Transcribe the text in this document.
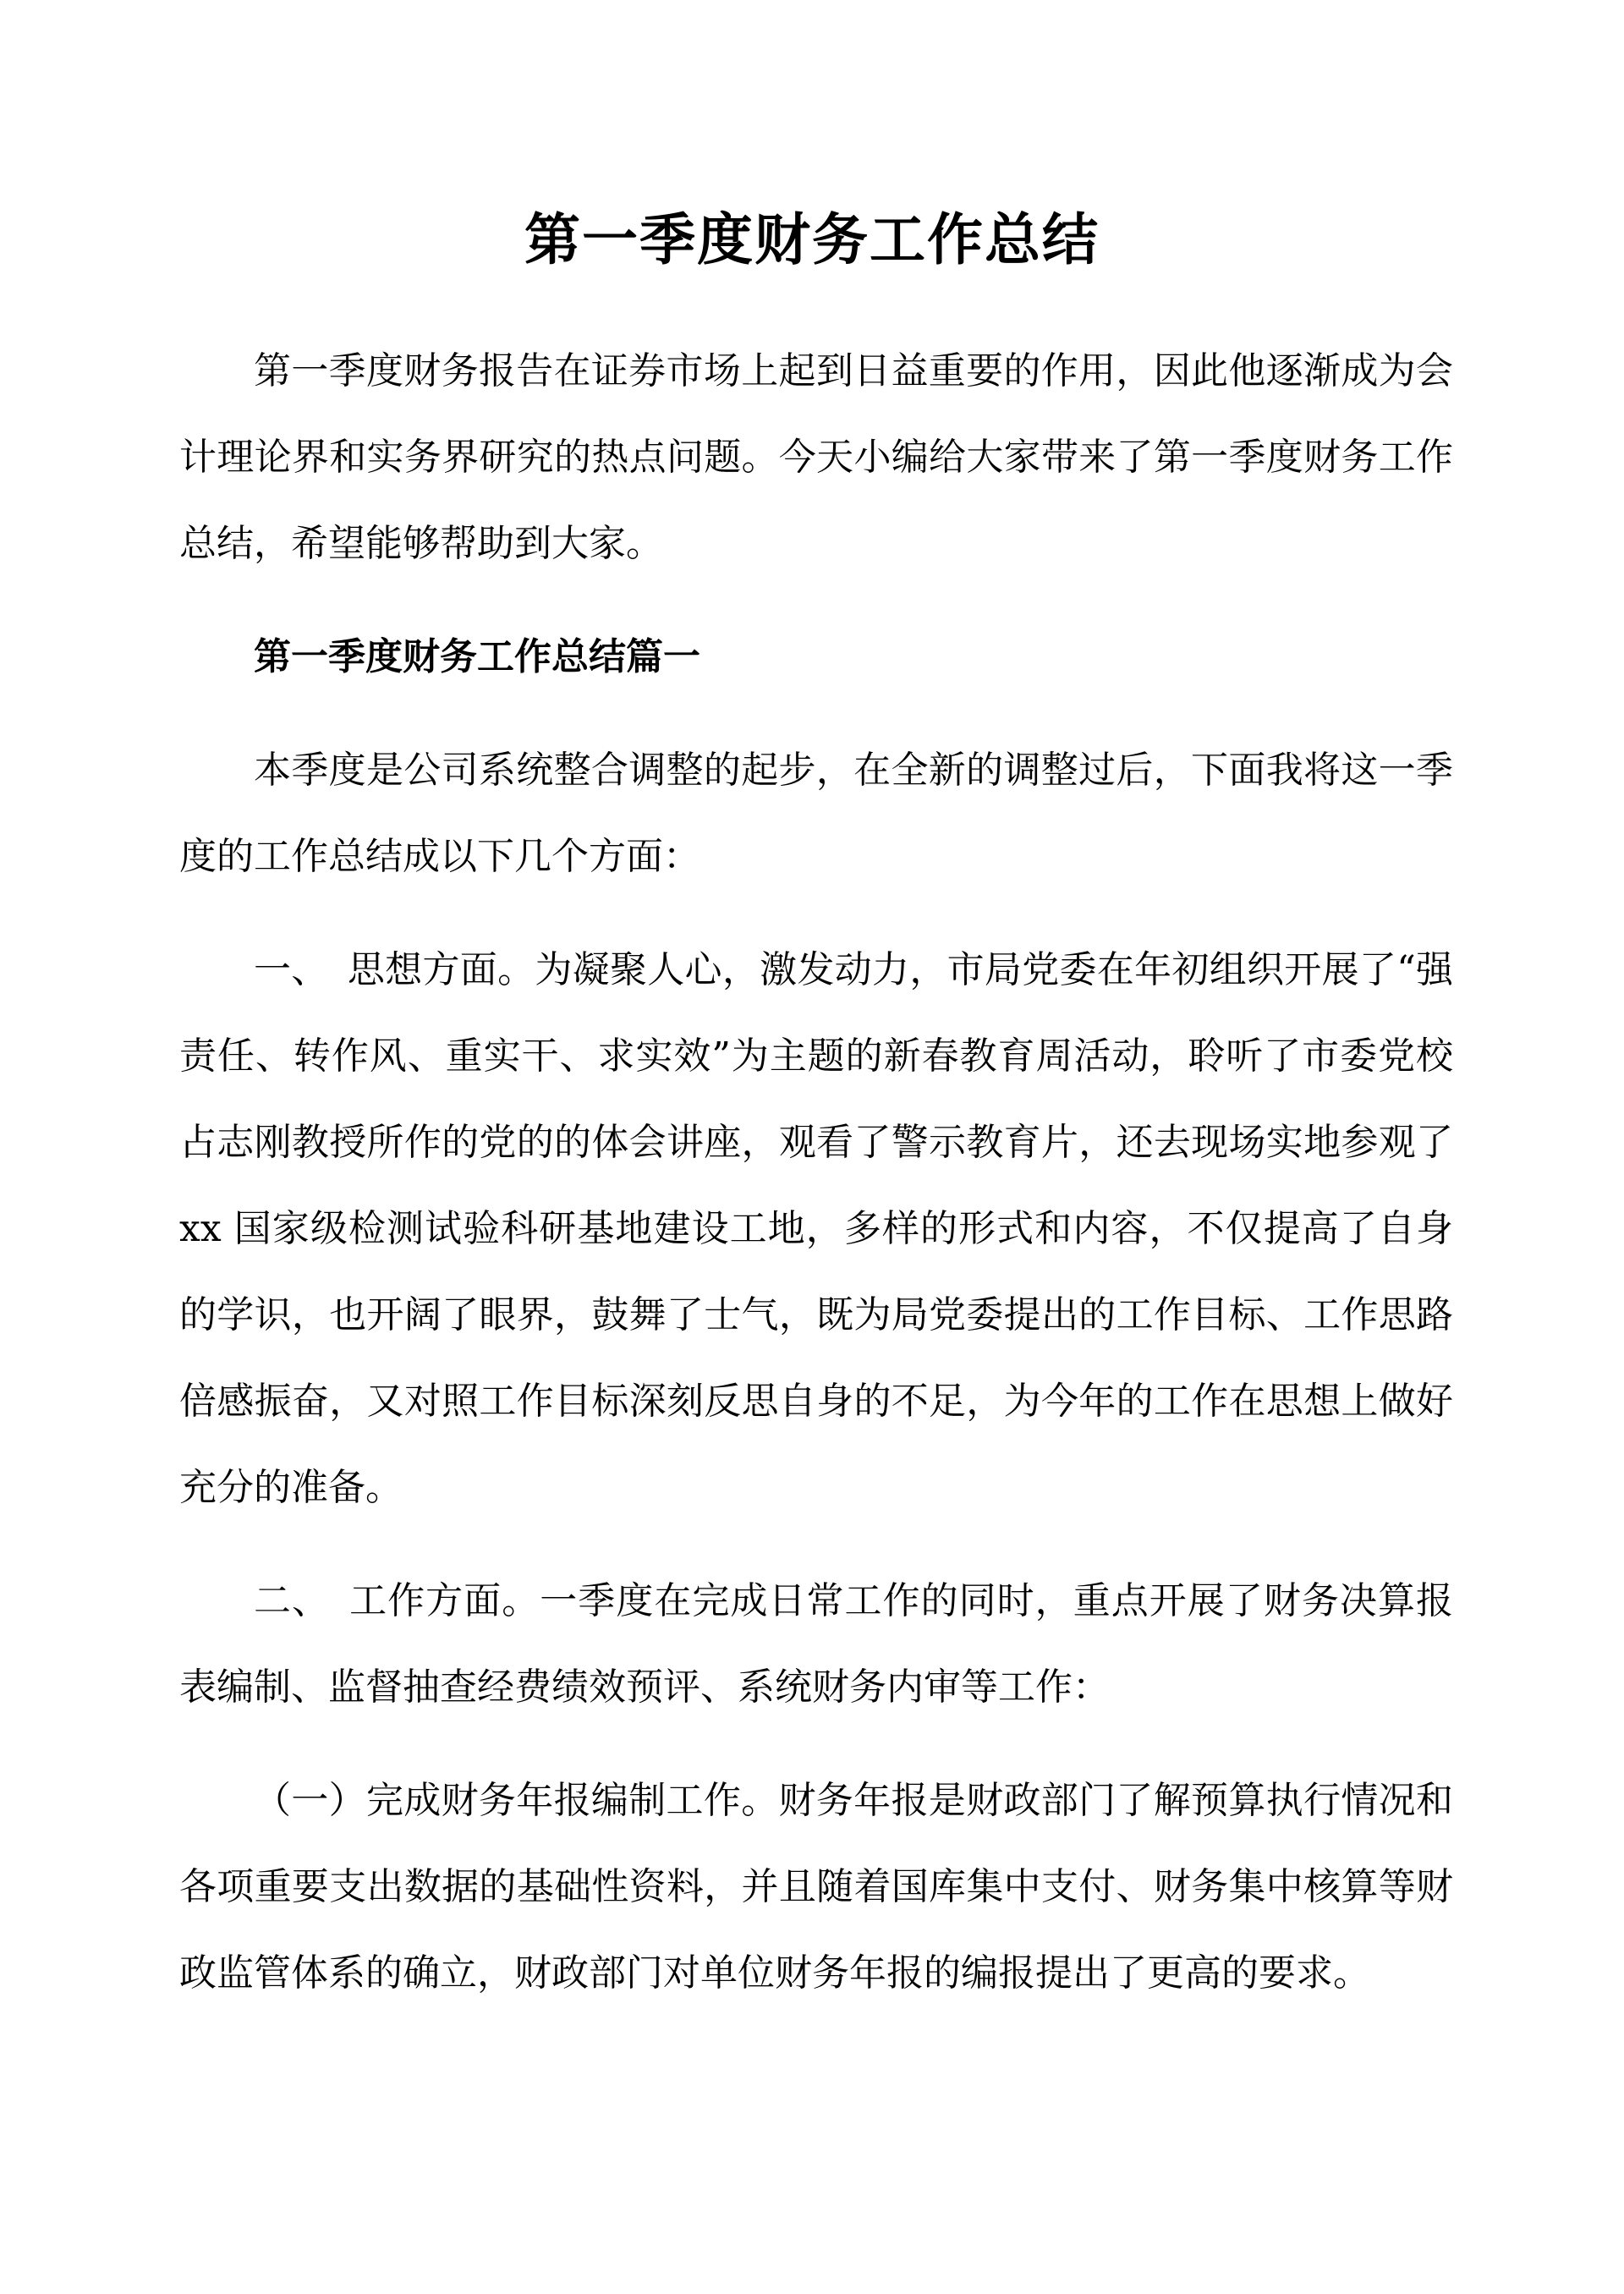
第一季度财务工作总结

第一季度财务报告在证券市场上起到日益重要的作用，因此他逐渐成为会计理论界和实务界研究的热点问题。今天小编给大家带来了第一季度财务工作总结，希望能够帮助到大家。

第一季度财务工作总结篇一

本季度是公司系统整合调整的起步，在全新的调整过后，下面我将这一季度的工作总结成以下几个方面：

一、　思想方面。为凝聚人心，激发动力，市局党委在年初组织开展了“强责任、转作风、重实干、求实效”为主题的新春教育周活动，聆听了市委党校占志刚教授所作的党的的体会讲座，观看了警示教育片，还去现场实地参观了 xx 国家级检测试验科研基地建设工地，多样的形式和内容，不仅提高了自身的学识，也开阔了眼界，鼓舞了士气，既为局党委提出的工作目标、工作思路倍感振奋，又对照工作目标深刻反思自身的不足，为今年的工作在思想上做好充分的准备。

二、　工作方面。一季度在完成日常工作的同时，重点开展了财务决算报表编制、监督抽查经费绩效预评、系统财务内审等工作：

（一）完成财务年报编制工作。财务年报是财政部门了解预算执行情况和各项重要支出数据的基础性资料，并且随着国库集中支付、财务集中核算等财政监管体系的确立，财政部门对单位财务年报的编报提出了更高的要求。
